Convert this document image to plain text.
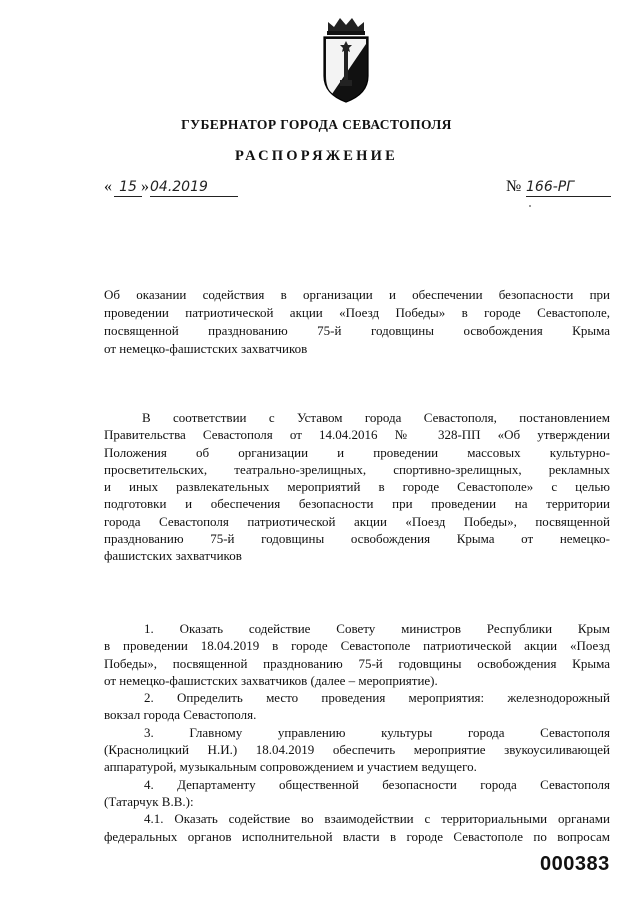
ГУБЕРНАТОР ГОРОДА СЕВАСТОПОЛЯ
РАСПОРЯЖЕНИЕ
« 15 » 04.2019	№ 166-РГ
Об оказании содействия в организации и обеспечении безопасности при
проведении патриотической акции «Поезд Победы» в городе Севастополе,
посвященной празднованию 75-й годовщины освобождения Крыма
от немецко-фашистских захватчиков
В соответствии с Уставом города Севастополя, постановлением
Правительства Севастополя от 14.04.2016 № 328-ПП «Об утверждении
Положения об организации и проведении массовых культурно-
просветительских, театрально-зрелищных, спортивно-зрелищных, рекламных
и иных развлекательных мероприятий в городе Севастополе» с целью
подготовки и обеспечения безопасности при проведении на территории
города Севастополя патриотической акции «Поезд Победы», посвященной
празднованию 75-й годовщины освобождения Крыма от немецко-
фашистских захватчиков
1. Оказать содействие Совету министров Республики Крым
в проведении 18.04.2019 в городе Севастополе патриотической акции «Поезд
Победы», посвященной празднованию 75-й годовщины освобождения Крыма
от немецко-фашистских захватчиков (далее – мероприятие).
2. Определить место проведения мероприятия: железнодорожный
вокзал города Севастополя.
3. Главному управлению культуры города Севастополя
(Краснолицкий Н.И.) 18.04.2019 обеспечить мероприятие звукоусиливающей
аппаратурой, музыкальным сопровождением и участием ведущего.
4. Департаменту общественной безопасности города Севастополя
(Татарчук В.В.):
4.1. Оказать содействие во взаимодействии с территориальными органами
федеральных органов исполнительной власти в городе Севастополе по вопросам
000383
